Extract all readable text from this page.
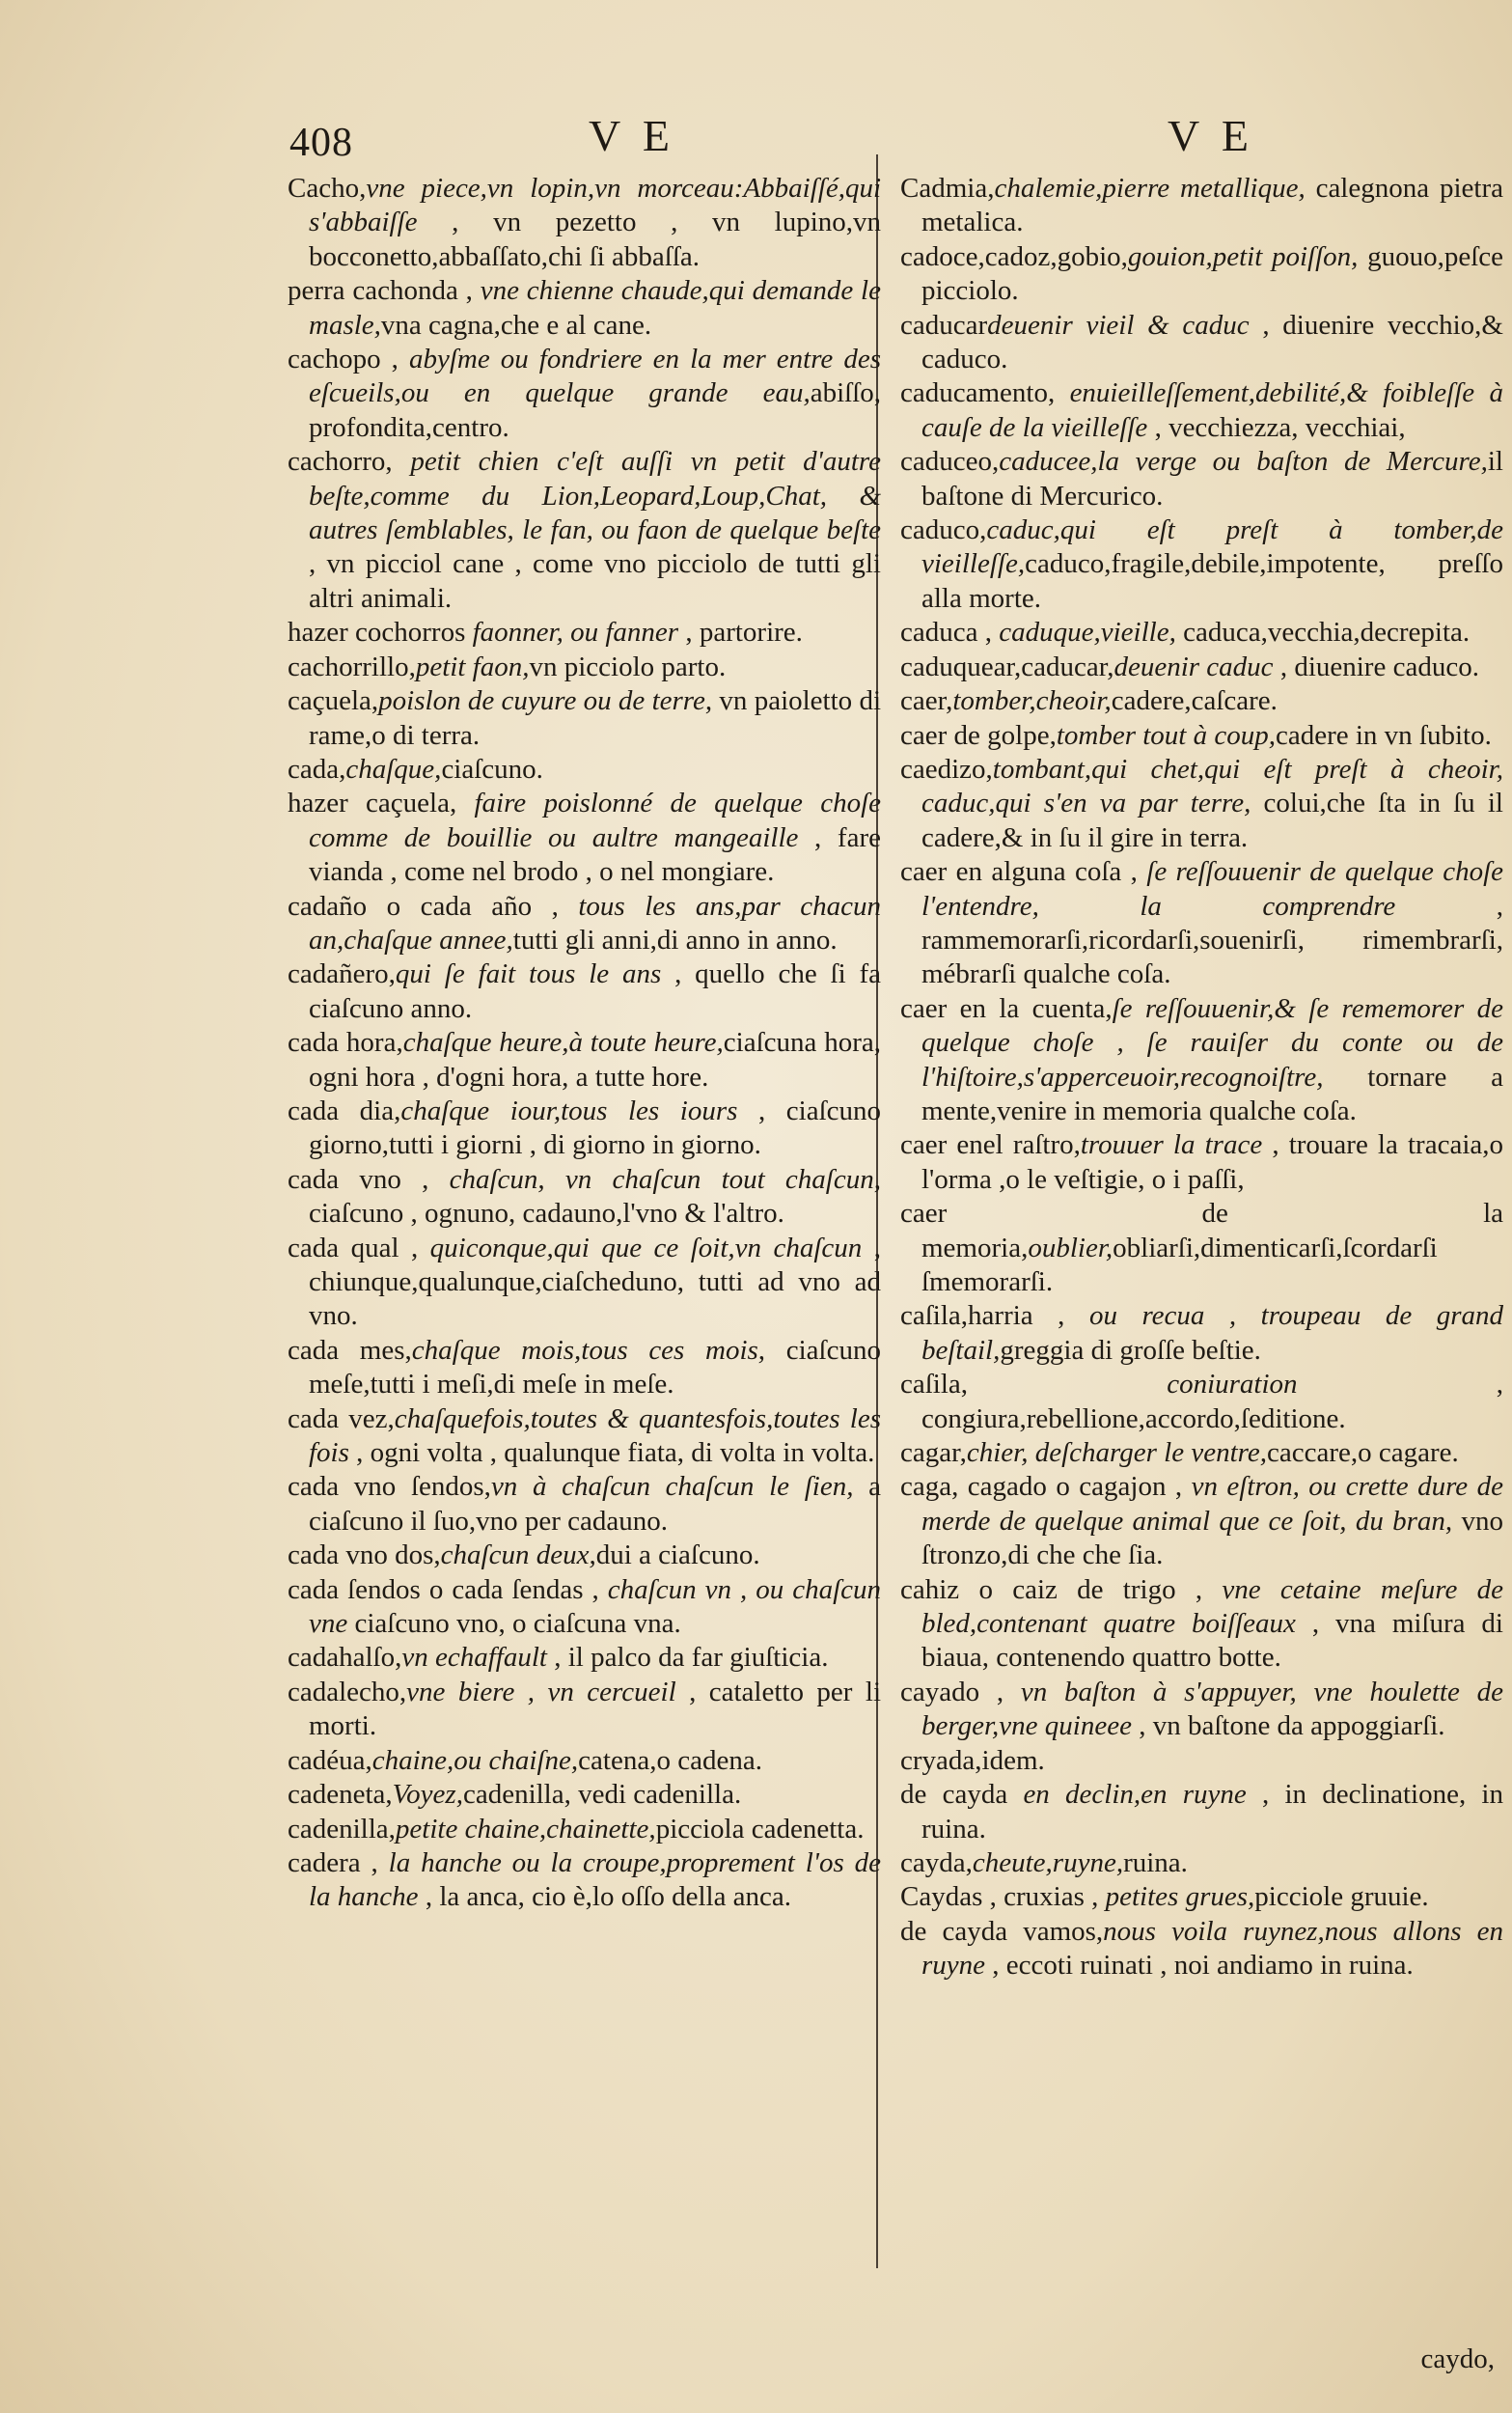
408	V E	V E

Cacho,vne piece,vn lopin,vn morceau:Abbaiſſé,qui s'abbaiſſe , vn pezetto , vn lupino,vn bocconetto,abbaſſato,chi ſi abbaſſa.

perra cachonda , vne chienne chaude,qui demande le masle,vna cagna,che e al cane.

cachopo , abyſme ou fondriere en la mer entre des eſcueils,ou en quelque grande eau,abiſſo, profondita,centro.

cachorro, petit chien c'eſt auſſi vn petit d'autre beſte,comme du Lion,Leopard,Loup,Chat, & autres ſemblables, le fan, ou faon de quelque beſte , vn picciol cane , come vno picciolo de tutti gli altri animali.

hazer cochorros faonner, ou fanner , partorire.

cachorrillo,petit faon,vn picciolo parto.

caçuela,poislon de cuyure ou de terre, vn paioletto di rame,o di terra.

cada,chaſque,ciaſcuno.

hazer caçuela, faire poislonné de quelque choſe comme de bouillie ou aultre mangeaille , fare vianda , come nel brodo , o nel mongiare.

cadaño o cada año , tous les ans,par chacun an,chaſque annee,tutti gli anni,di anno in anno.

cadañero,qui ſe fait tous le ans , quello che ſi fa ciaſcuno anno.

cada hora,chaſque heure,à toute heure,ciaſcuna hora, ogni hora , d'ogni hora, a tutte hore.

cada dia,chaſque iour,tous les iours , ciaſcuno giorno,tutti i giorni , di giorno in giorno.

cada vno , chaſcun, vn chaſcun tout chaſcun, ciaſcuno , ognuno, cadauno,l'vno & l'altro.

cada qual , quiconque,qui que ce ſoit,vn chaſcun , chiunque,qualunque,ciaſcheduno, tutti ad vno ad vno.

cada mes,chaſque mois,tous ces mois, ciaſcuno meſe,tutti i meſi,di meſe in meſe.

cada vez,chaſquefois,toutes & quantesfois,toutes les fois , ogni volta , qualunque fiata, di volta in volta.

cada vno ſendos,vn à chaſcun chaſcun le ſien, a ciaſcuno il ſuo,vno per cadauno.

cada vno dos,chaſcun deux,dui a ciaſcuno.

cada ſendos o cada ſendas , chaſcun vn , ou chaſcun vne ciaſcuno vno, o ciaſcuna vna.

cadahalſo,vn echaffault , il palco da far giuſticia.

cadalecho,vne biere , vn cercueil , cataletto per li morti.

cadéua,chaine,ou chaiſne,catena,o cadena.

cadeneta,Voyez,cadenilla, vedi cadenilla.

cadenilla,petite chaine,chainette,picciola cadenetta.

cadera , la hanche ou la croupe,proprement l'os de la hanche , la anca, cio è,lo oſſo della anca.

Cadmia,chalemie,pierre metallique, calegnona pietra metalica.

cadoce,cadoz,gobio,gouion,petit poiſſon, guouo,peſce picciolo.

caducardeuenir vieil & caduc , diuenire vecchio,& caduco.

caducamento, enuieilleſſement,debilité,& foibleſſe à cauſe de la vieilleſſe , vecchiezza, vecchiai,

caduceo,caducee,la verge ou baſton de Mercure,il baſtone di Mercurico.

caduco,caduc,qui eſt preſt à tomber,de vieilleſſe,caduco,fragile,debile,impotente, preſſo alla morte.

caduca , caduque,vieille, caduca,vecchia,decrepita.

caduquear,caducar,deuenir caduc , diuenire caduco.

caer,tomber,cheoir,cadere,caſcare.

caer de golpe,tomber tout à coup,cadere in vn ſubito.

caedizo,tombant,qui chet,qui eſt preſt à cheoir, caduc,qui s'en va par terre, colui,che ſta in ſu il cadere,& in ſu il gire in terra.

caer en alguna coſa , ſe reſſouuenir de quelque choſe l'entendre, la comprendre , rammemorarſi,ricordarſi,souenirſi, rimembrarſi, mébrarſi qualche coſa.

caer en la cuenta,ſe reſſouuenir,& ſe rememorer de quelque choſe , ſe rauiſer du conte ou de l'hiſtoire,s'apperceuoir,recognoiſtre, tornare a mente,venire in memoria qualche coſa.

caer enel raſtro,trouuer la trace , trouare la tracaia,o l'orma ,o le veſtigie, o i paſſi,

caer de la memoria,oublier,obliarſi,dimenticarſi,ſcordarſi ſmemorarſi.

caſila,harria , ou recua , troupeau de grand beſtail,greggia di groſſe beſtie.

caſila, coniuration , congiura,rebellione,accordo,ſeditione.

cagar,chier, deſcharger le ventre,caccare,o cagare.

caga, cagado o cagajon , vn eſtron, ou crette dure de merde de quelque animal que ce ſoit, du bran, vno ſtronzo,di che che ſia.

cahiz o caiz de trigo , vne cetaine meſure de bled,contenant quatre boiſſeaux , vna miſura di biaua, contenendo quattro botte.

cayado , vn baſton à s'appuyer, vne houlette de berger,vne quineee , vn baſtone da appoggiarſi.

cryada,idem.

de cayda en declin,en ruyne , in declinatione, in ruina.

cayda,cheute,ruyne,ruina.

Caydas , cruxias , petites grues,picciole gruuie.

de cayda vamos,nous voila ruynez,nous allons en ruyne , eccoti ruinati , noi andiamo in ruina.

caydo,
